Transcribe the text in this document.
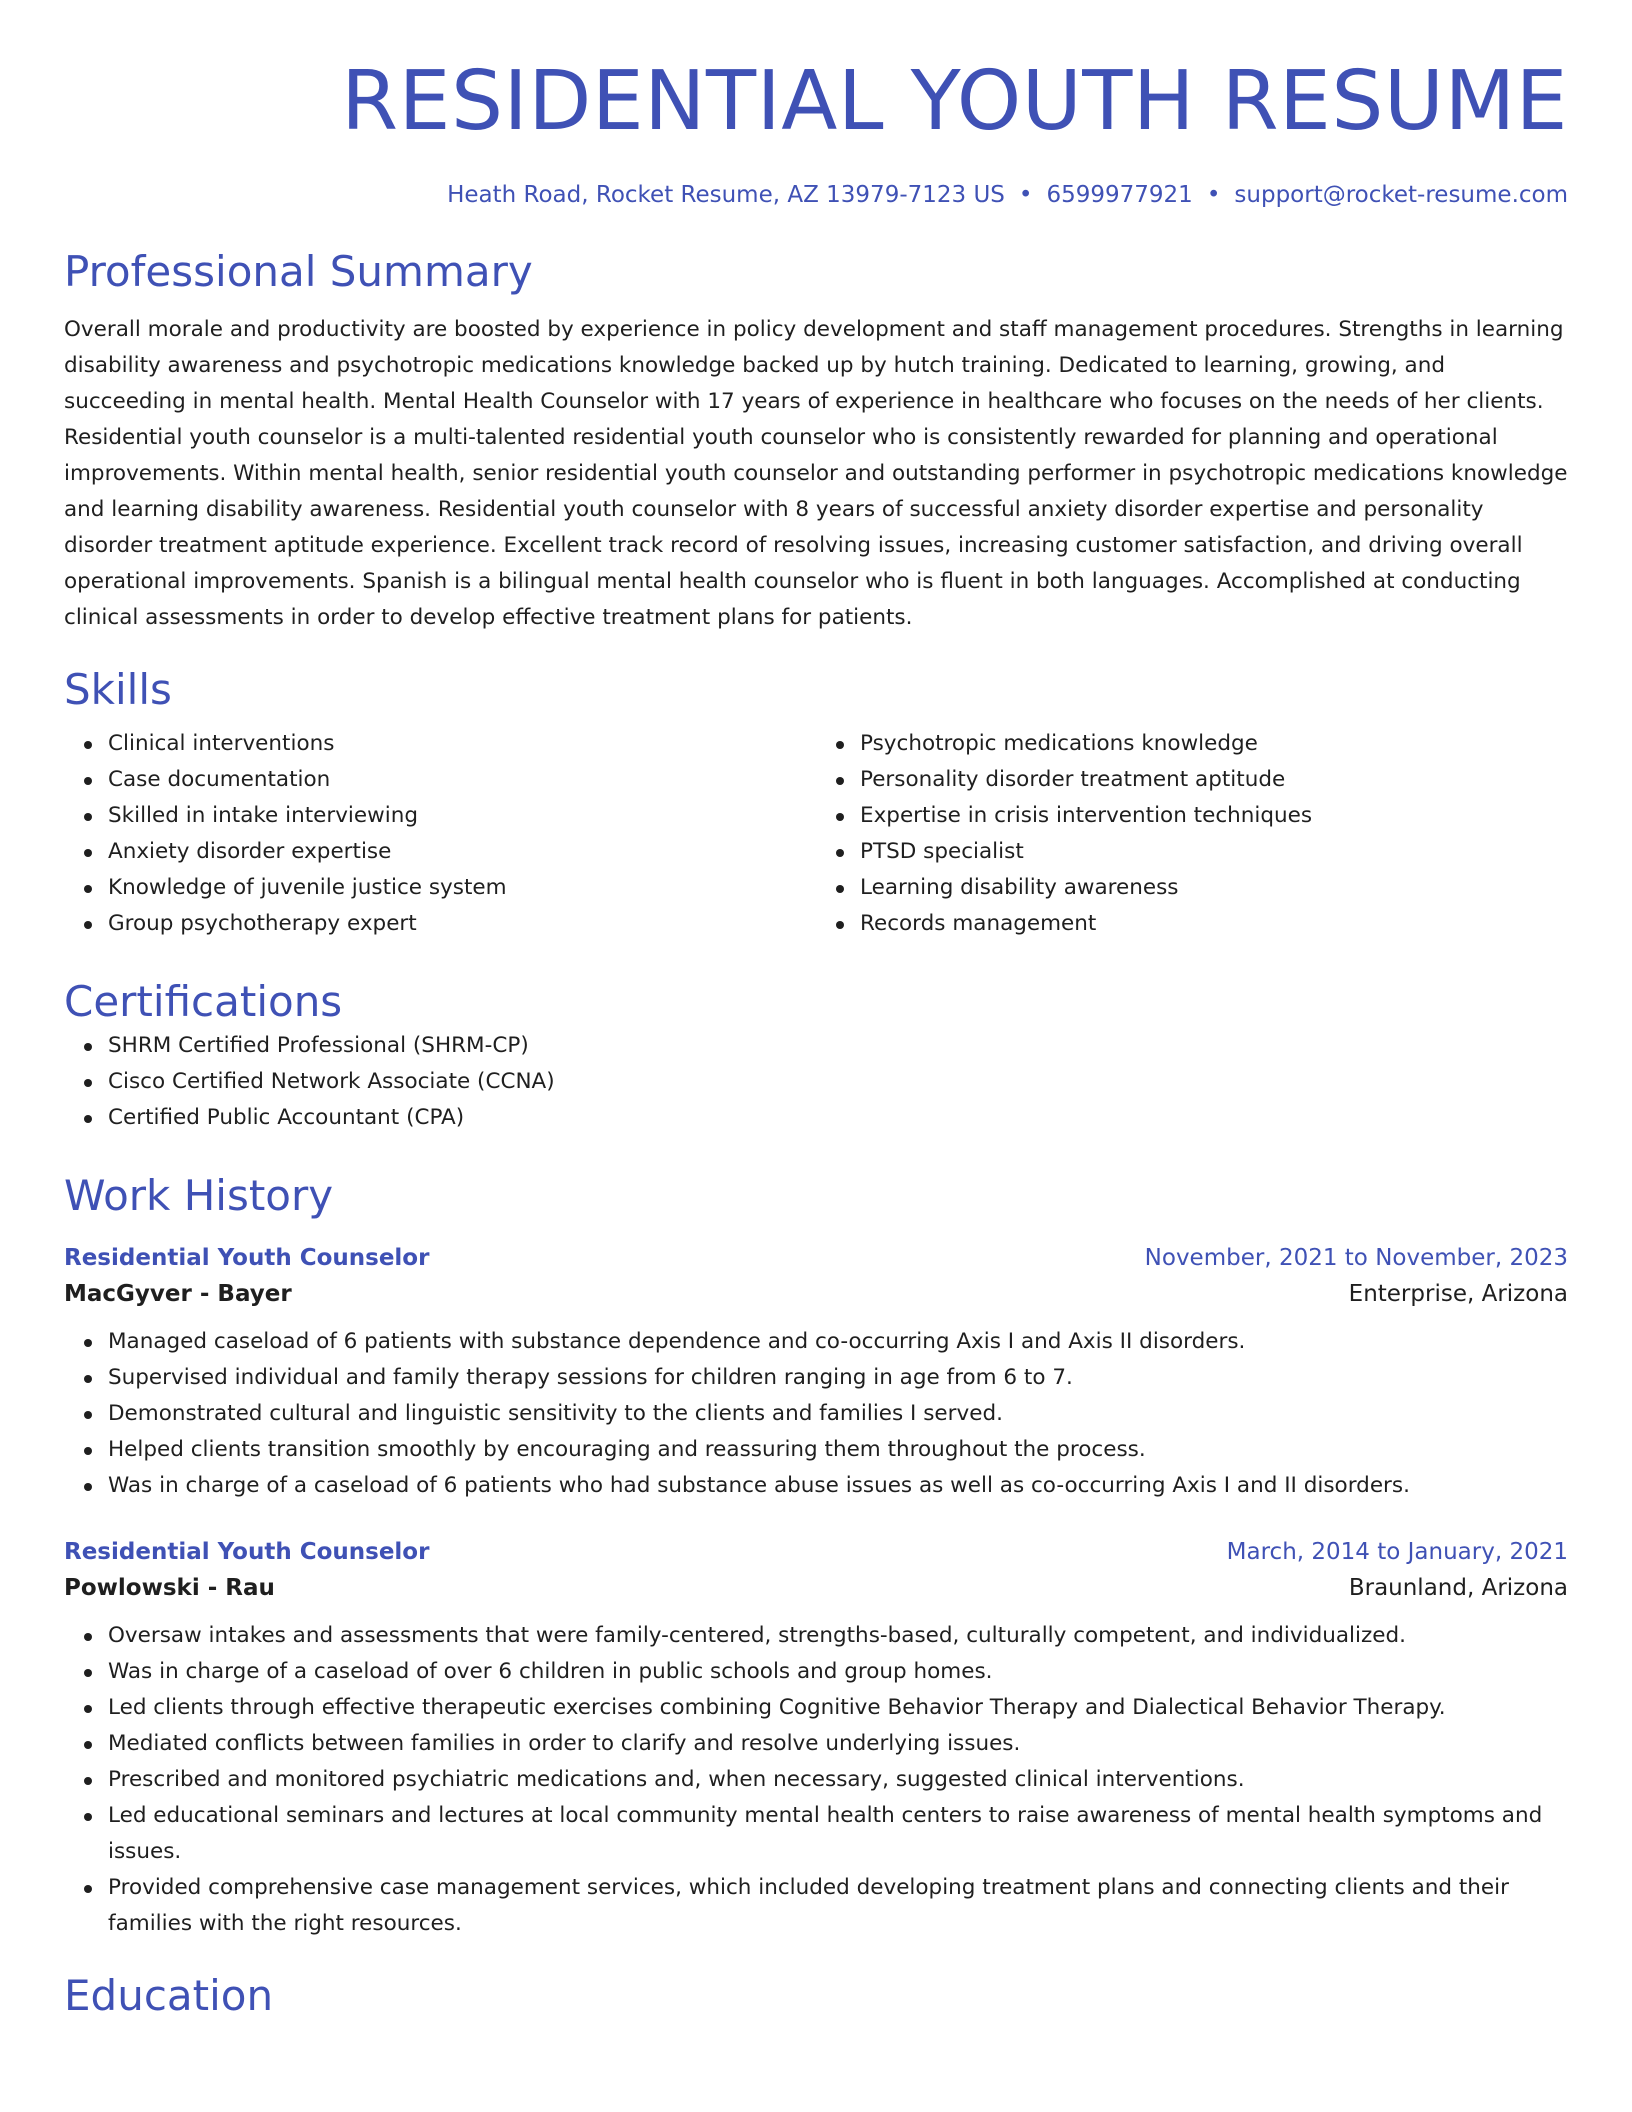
RESIDENTIAL YOUTH RESUME
Heath Road, Rocket Resume, AZ 13979-7123 US • 6599977921 • support@rocket-resume.com
Professional Summary

Overall morale and productivity are boosted by experience in policy development and staff management procedures. Strengths in learning disability awareness and psychotropic medications knowledge backed up by hutch training. Dedicated to learning, growing, and succeeding in mental health. Mental Health Counselor with 17 years of experience in healthcare who focuses on the needs of her clients. Residential youth counselor is a multi-talented residential youth counselor who is consistently rewarded for planning and operational improvements. Within mental health, senior residential youth counselor and outstanding performer in psychotropic medications knowledge and learning disability awareness. Residential youth counselor with 8 years of successful anxiety disorder expertise and personality disorder treatment aptitude experience. Excellent track record of resolving issues, increasing customer satisfaction, and driving overall operational improvements. Spanish is a bilingual mental health counselor who is fluent in both languages. Accomplished at conducting clinical assessments in order to develop effective treatment plans for patients.

Skills
Clinical interventions
Case documentation
Skilled in intake interviewing
Anxiety disorder expertise
Knowledge of juvenile justice system
Group psychotherapy expert
Psychotropic medications knowledge
Personality disorder treatment aptitude
Expertise in crisis intervention techniques
PTSD specialist
Learning disability awareness
Records management
Certifications
SHRM Certified Professional (SHRM-CP)
Cisco Certified Network Associate (CCNA)
Certified Public Accountant (CPA)
Work History
Residential Youth Counselor	November, 2021 to November, 2023
MacGyver - Bayer	Enterprise, Arizona
Managed caseload of 6 patients with substance dependence and co-occurring Axis I and Axis II disorders.
Supervised individual and family therapy sessions for children ranging in age from 6 to 7.
Demonstrated cultural and linguistic sensitivity to the clients and families I served.
Helped clients transition smoothly by encouraging and reassuring them throughout the process.
Was in charge of a caseload of 6 patients who had substance abuse issues as well as co-occurring Axis I and II disorders.
Residential Youth Counselor	March, 2014 to January, 2021
Powlowski - Rau	Braunland, Arizona
Oversaw intakes and assessments that were family-centered, strengths-based, culturally competent, and individualized.
Was in charge of a caseload of over 6 children in public schools and group homes.
Led clients through effective therapeutic exercises combining Cognitive Behavior Therapy and Dialectical Behavior Therapy.
Mediated conflicts between families in order to clarify and resolve underlying issues.
Prescribed and monitored psychiatric medications and, when necessary, suggested clinical interventions.
Led educational seminars and lectures at local community mental health centers to raise awareness of mental health symptoms and issues.
Provided comprehensive case management services, which included developing treatment plans and connecting clients and their families with the right resources.
Education
